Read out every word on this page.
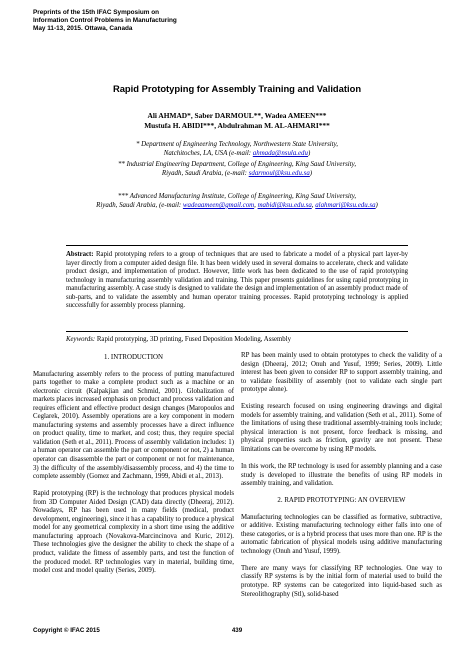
Preprints of the 15th IFAC Symposium on
Information Control Problems in Manufacturing
May 11-13, 2015. Ottawa, Canada
Rapid Prototyping for Assembly Training and Validation
Ali AHMAD*, Saber DARMOUL**, Wadea AMEEN***
Mustufa H. ABIDI***, Abdulrahman M. AL-AHMARI***
* Department of Engineering Technology, Northwestern State University,
Natchitoches, LA, USA (e-mail: ahmada@nsula.edu)
** Industrial Engineering Department, College of Engineering, King Saud University,
Riyadh, Saudi Arabia, (e-mail: sdarmoul@ksu.edu.sa)
*** Advanced Manufacturing Institute, College of Engineering, King Saud University,
Riyadh, Saudi Arabia, (e-mail: wadeaameen@gmail.com, mabidi@ksu.edu.sa, alahmari@ksu.edu.sa)
Abstract: Rapid prototyping refers to a group of techniques that are used to fabricate a model of a physical part layer-by layer directly from a computer aided design file. It has been widely used in several domains to accelerate, check and validate product design, and implementation of product. However, little work has been dedicated to the use of rapid prototyping technology in manufacturing assembly validation and training. This paper presents guidelines for using rapid prototyping in manufacturing assembly. A case study is designed to validate the design and implementation of an assembly product made of sub-parts, and to validate the assembly and human operator training processes. Rapid prototyping technology is applied successfully for assembly process planning.
Keywords: Rapid prototyping, 3D printing, Fused Deposition Modeling, Assembly
1. INTRODUCTION

Manufacturing assembly refers to the process of putting manufactured parts together to make a complete product such as a machine or an electronic circuit (Kalpakjian and Schmid, 2001). Globalization of markets places increased emphasis on product and process validation and requires efficient and effective product design changes (Maropoulos and Ceglarek, 2010). Assembly operations are a key component in modern manufacturing systems and assembly processes have a direct influence on product quality, time to market, and cost; thus, they require special validation (Seth et al., 2011). Process of assembly validation includes: 1) a human operator can assemble the part or component or not, 2) a human operator can disassemble the part or component or not for maintenance, 3) the difficulty of the assembly/disassembly process, and 4) the time to complete assembly (Gomez and Zachmann, 1999, Abidi et al., 2013).

Rapid prototyping (RP) is the technology that produces physical models from 3D Computer Aided Design (CAD) data directly (Dheeraj, 2012). Nowadays, RP has been used in many fields (medical, product development, engineering), since it has a capability to produce a physical model for any geometrical complexity in a short time using the additive manufacturing approach (Novakova-Marcincinova and Kuric, 2012). These technologies give the designer the ability to check the shape of a product, validate the fitness of assembly parts, and test the function of the produced model. RP technologies vary in material, building time, model cost and model quality (Series, 2009).

RP has been mainly used to obtain prototypes to check the validity of a design (Dheeraj, 2012; Onuh and Yusuf, 1999; Series, 2009). Little interest has been given to consider RP to support assembly training, and to validate feasibility of assembly (not to validate each single part prototype alone).

Existing research focused on using engineering drawings and digital models for assembly training, and validation (Seth et al., 2011). Some of the limitations of using these traditional assembly-training tools include; physical interaction is not present, force feedback is missing, and physical properties such as friction, gravity are not present. These limitations can be overcome by using RP models.

In this work, the RP technology is used for assembly planning and a case study is developed to illustrate the benefits of using RP models in assembly training, and validation.

2. RAPID PROTOTYPING: AN OVERVIEW

Manufacturing technologies can be classified as formative, subtractive, or additive. Existing manufacturing technology either falls into one of these categories, or is a hybrid process that uses more than one. RP is the automatic fabrication of physical models using additive manufacturing technology (Onuh and Yusuf, 1999).

There are many ways for classifying RP technologies. One way to classify RP systems is by the initial form of material used to build the prototype. RP systems can be categorized into liquid-based such as Stereolithography (Stl), solid-based

Copyright © IFAC 2015	439
